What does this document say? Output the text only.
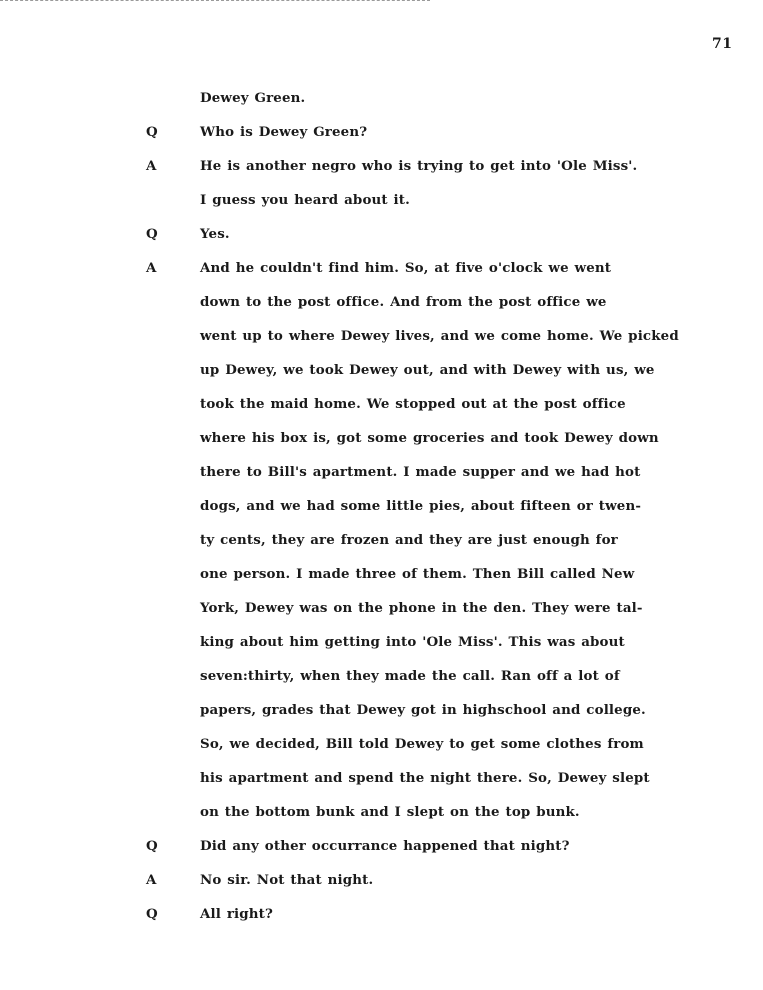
71
Dewey Green.
Q	Who is Dewey Green?
A	He is another negro who is trying to get into 'Ole Miss'.
I guess you heard about it.
Q	Yes.
A	And he couldn't find him. So, at five o'clock we went
down to the post office. And from the post office we
went up to where Dewey lives, and we come home. We picked
up Dewey, we took Dewey out, and with Dewey with us, we
took the maid home. We stopped out at the post office
where his box is, got some groceries and took Dewey down
there to Bill's apartment. I made supper and we had hot
dogs, and we had some little pies, about fifteen or twen-
ty cents, they are frozen and they are just enough for
one person. I made three of them. Then Bill called New
York, Dewey was on the phone in the den. They were tal-
king about him getting into 'Ole Miss'. This was about
seven:thirty, when they made the call. Ran off a lot of
papers, grades that Dewey got in highschool and college.
So, we decided, Bill told Dewey to get some clothes from
his apartment and spend the night there. So, Dewey slept
on the bottom bunk and I slept on the top bunk.
Q	Did any other occurrance happened that night?
A	No sir. Not that night.
Q	All right?
